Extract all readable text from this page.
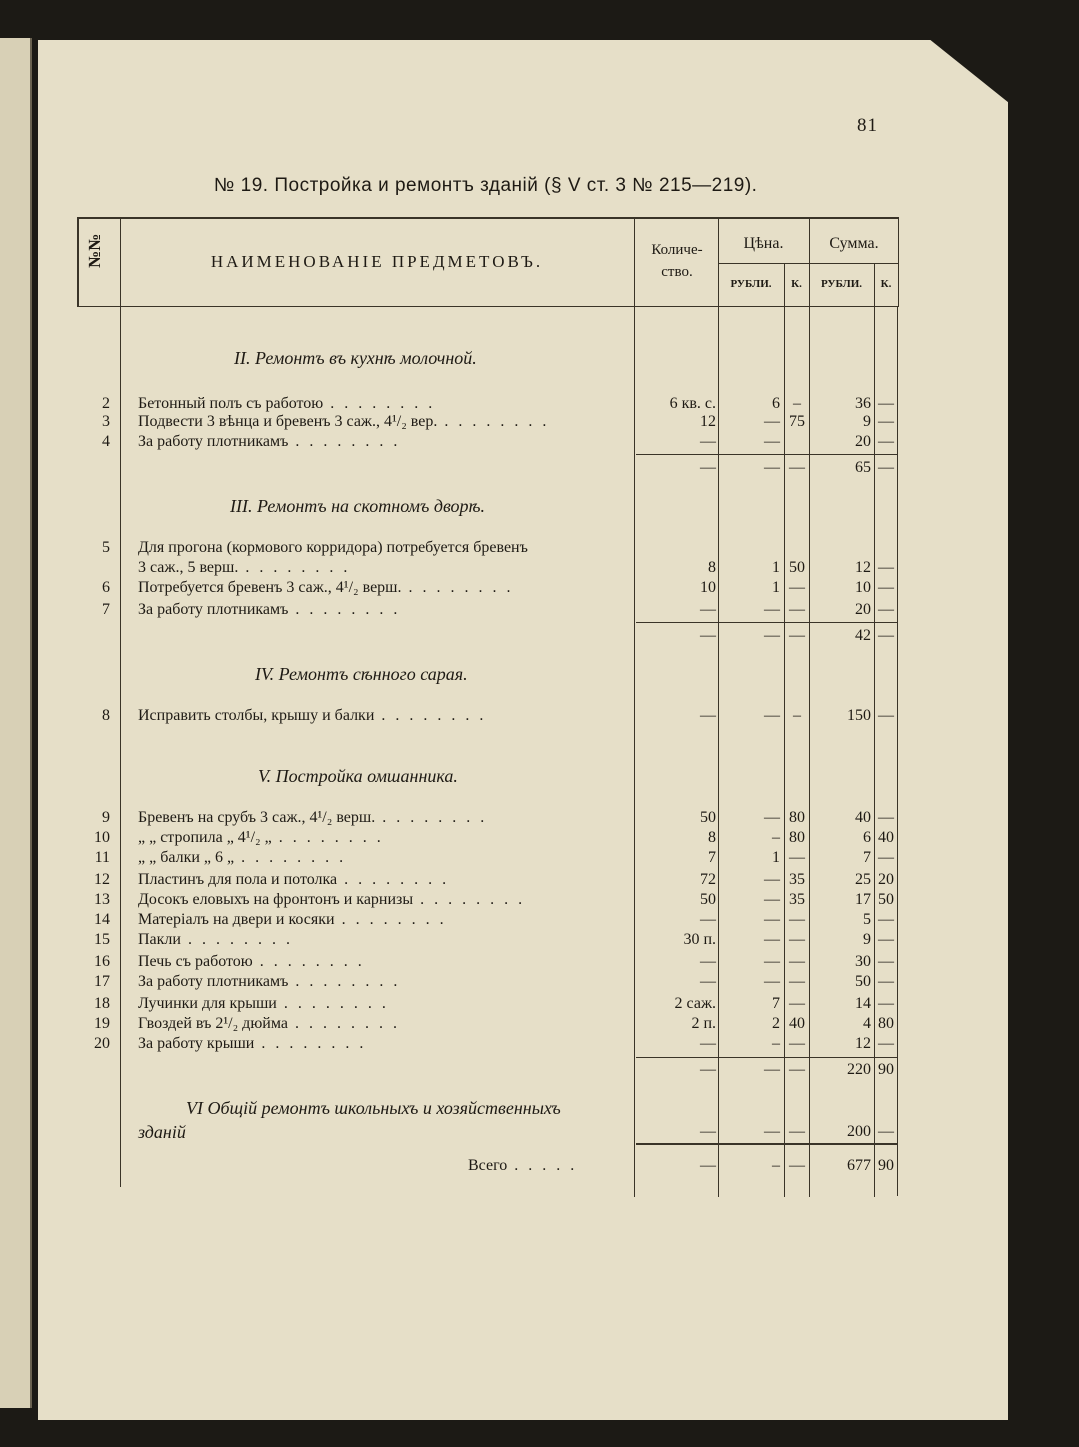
81
№ 19. Постройка и ремонтъ зданій (§ V ст. 3 № 215—219).
№№	НАИМЕНОВАНІЕ ПРЕДМЕТОВЪ.
Количе-
ство.
Цѣна.	Сумма.
РУБЛИ.	К.	РУБЛИ.	К.
II. Ремонтъ въ кухнѣ молочной.
III. Ремонтъ на скотномъ дворѣ.
IV. Ремонтъ сѣнного сарая.
V. Постройка омшанника.
VI Общій ремонтъ школьныхъ и хозяйственныхъ
зданій
2 Бетонный полъ съ работою . . . . . . . .	6 кв. с.	6 –	36 —
3 Подвести 3 вѣнца и бревенъ 3 саж., 4¹/₂ вер. . . . . . . . .	12	— 75	9 —
4 За работу плотникамъ . . . . . . . .	—	—	20 —
—	— —	65 —
5 Для прогона (кормового корридора) потребуется бревенъ
3 саж., 5 верш. . . . . . . . .	8	1 50	12 —
6 Потребуется бревенъ 3 саж., 4¹/₂ верш. . . . . . . . .	10	1 —	10 —
7 За работу плотникамъ . . . . . . . .	—	— —	20 —
—	— —	42 —
8 Исправить столбы, крышу и балки . . . . . . . .	—	— –	150 —
9 Бревенъ на срубъ 3 саж., 4¹/₂ верш. . . . . . . . .	50	— 80	40 —
10 „ „ стропила „ 4¹/₂ „ . . . . . . . .	8	– 80	6 40
11 „ „ балки „ 6 „ . . . . . . . .	7	1 —	7 —
12 Пластинъ для пола и потолка . . . . . . . .	72	— 35	25 20
13 Досокъ еловыхъ на фронтонъ и карнизы . . . . . . . .	50	— 35	17 50
14 Матеріалъ на двери и косяки . . . . . . . .	—	— —	5 —
15 Пакли . . . . . . . .	30 п.	— —	9 —
16 Печь съ работою . . . . . . . .	—	— —	30 —
17 За работу плотникамъ . . . . . . . .	—	— —	50 —
18 Лучинки для крыши . . . . . . . .	2 саж.	7 —	14 —
19 Гвоздей въ 2¹/₂ дюйма . . . . . . . .	2 п.	2 40	4 80
20 За работу крыши . . . . . . . .	—	– —	12 —
—	— —	220 90
—	— —	200 —
Всего . . . . .	—	– —	677 90
